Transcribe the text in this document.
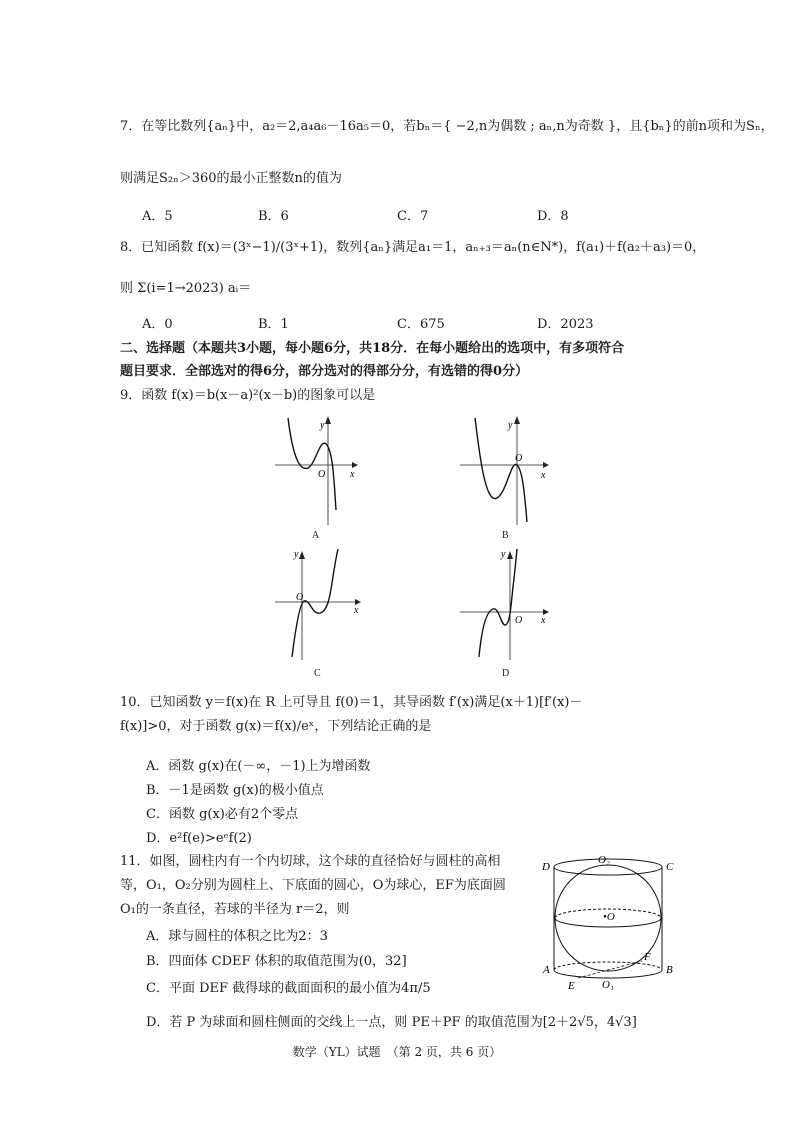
7．在等比数列{aₙ}中，a₂＝2,a₄a₆－16a₅＝0，若bₙ＝{ −2,n为偶数 ; aₙ,n为奇数 }，且{bₙ}的前n项和为Sₙ，
则满足S₂ₙ＞360的最小正整数n的值为
A．5	B．6	C．7	D．8
8．已知函数 f(x)＝(3ˣ−1)/(3ˣ+1)，数列{aₙ}满足a₁＝1，aₙ₊₃＝aₙ(n∈N*)，f(a₁)＋f(a₂＋a₃)＝0，
则 Σ(i=1→2023) aᵢ＝
A．0	B．1	C．675	D．2023
二、选择题（本题共3小题，每小题6分，共18分．在每小题给出的选项中，有多项符合
题目要求．全部选对的得6分，部分选对的得部分分，有选错的得0分）
9．函数 f(x)＝b(x－a)²(x－b)的图象可以是
x
y
O
A
x
y
O
B
x
y
O
C
x
y
O
D
10．已知函数 y＝f(x)在 R 上可导且 f(0)＝1，其导函数 f′(x)满足(x＋1)[f′(x)－
f(x)]>0，对于函数 g(x)＝f(x)/eˣ，下列结论正确的是
A．函数 g(x)在(－∞，－1)上为增函数
B．－1是函数 g(x)的极小值点
C．函数 g(x)必有2个零点
D．e²f(e)>eᵉf(2)
11．如图，圆柱内有一个内切球，这个球的直径恰好与圆柱的高相
等，O₁，O₂分别为圆柱上、下底面的圆心，O为球心，EF为底面圆
O₁的一条直径，若球的半径为 r＝2，则
A．球与圆柱的体积之比为2：3
B．四面体 CDEF 体积的取值范围为(0，32]
C．平面 DEF 截得球的截面面积的最小值为4π/5
D．若 P 为球面和圆柱侧面的交线上一点，则 PE＋PF 的取值范围为[2＋2√5，4√3]
D	C
O₂
•O
A	B
E
F
O₁
数学（YL）试题　（第 2 页，共 6 页）
